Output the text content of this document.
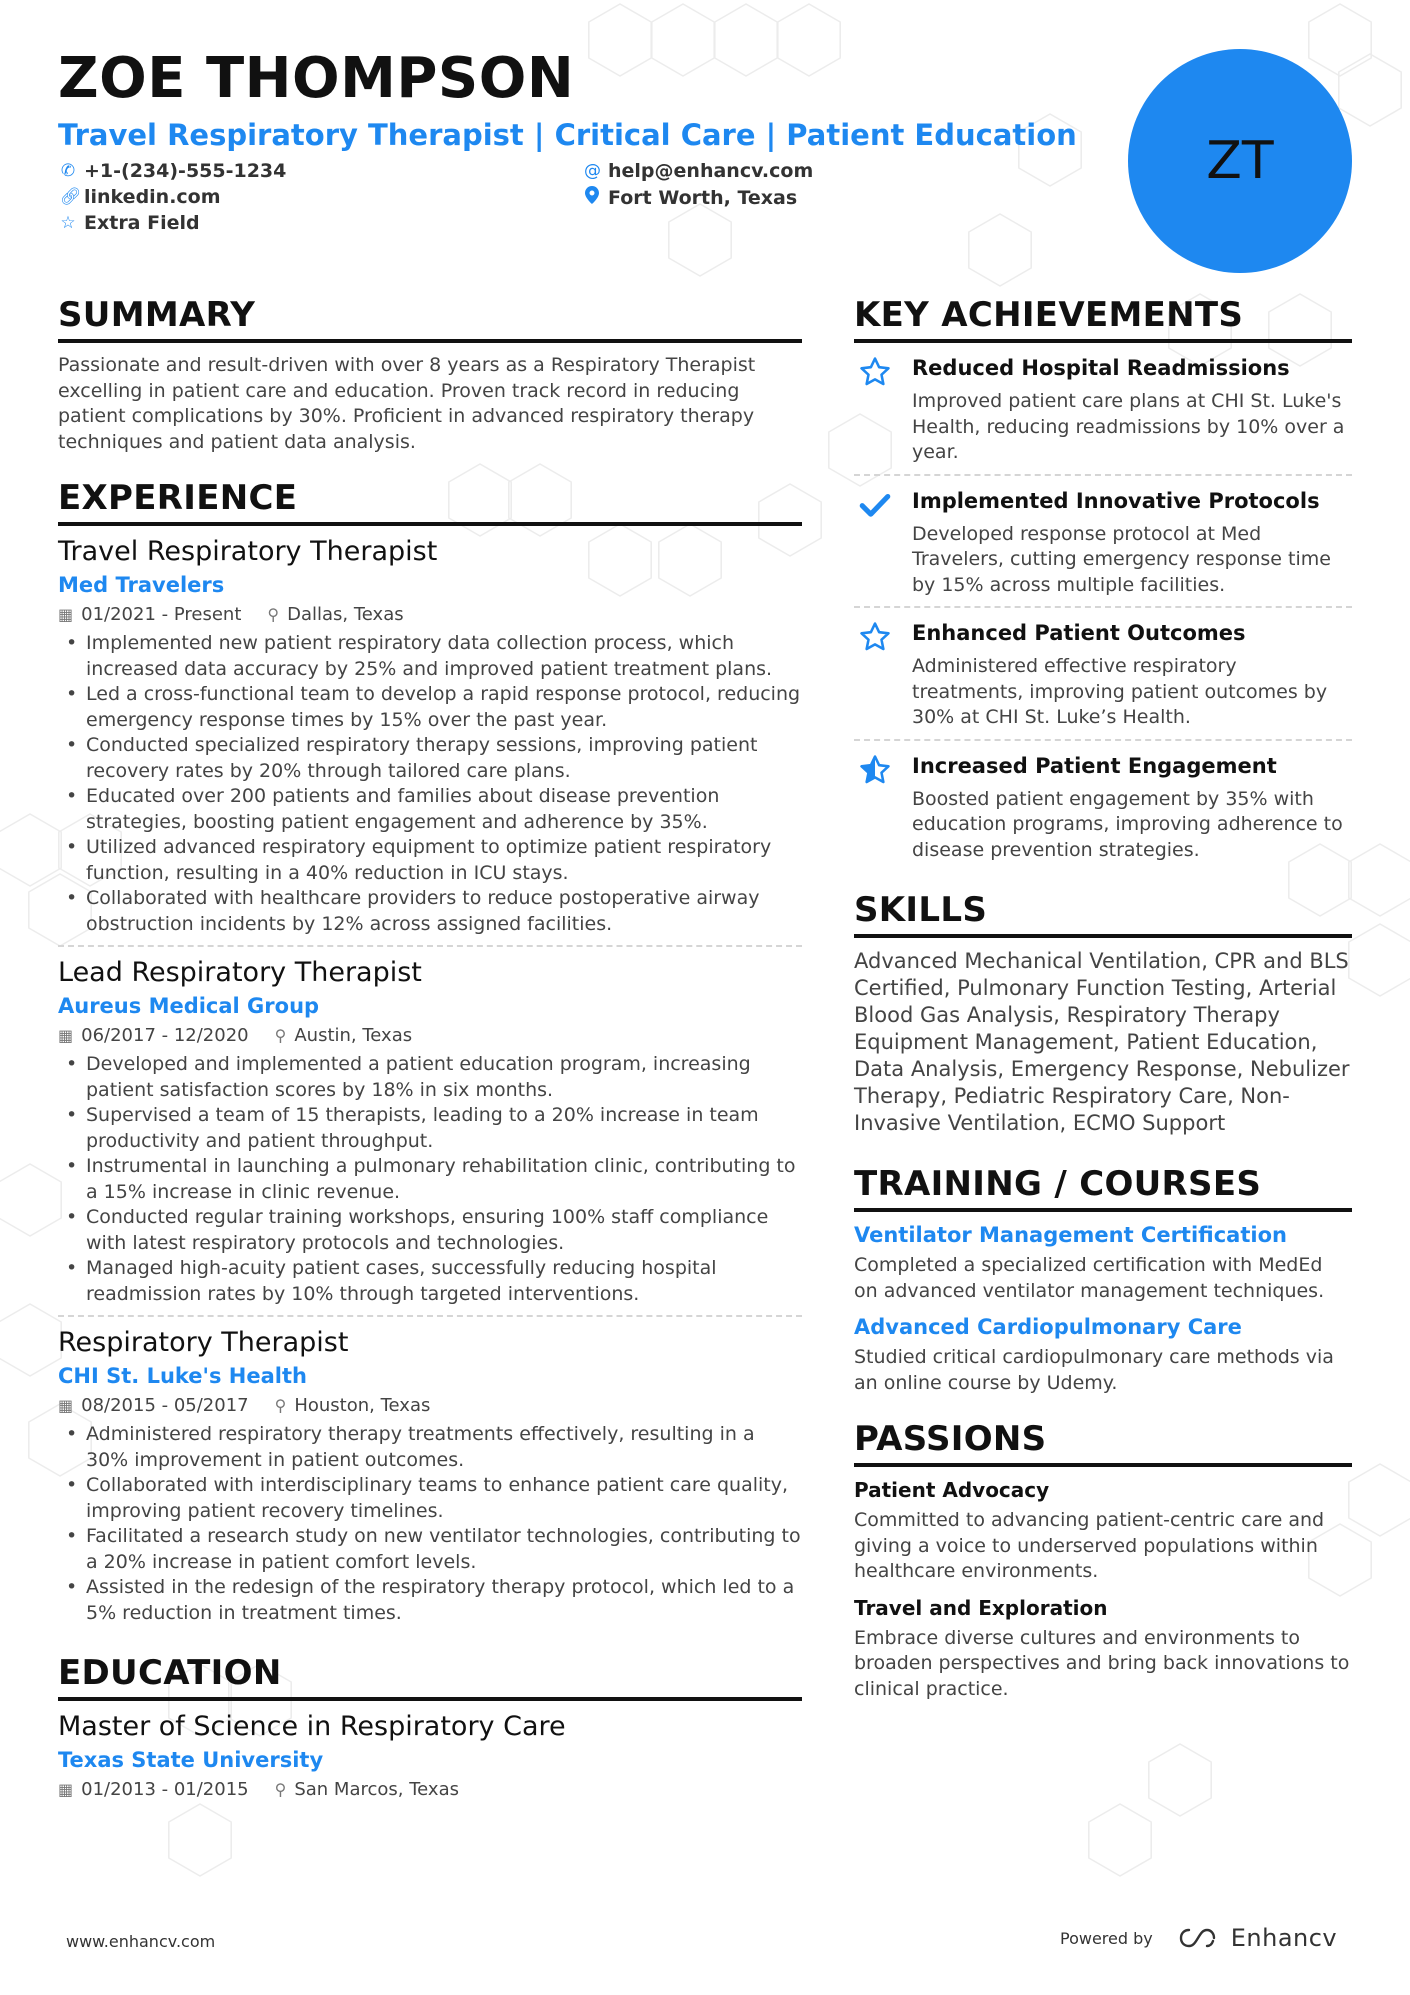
ZOE THOMPSON
Travel Respiratory Therapist | Critical Care | Patient Education
✆ +1-(234)-555-1234	@ help@enhancv.com
🔗︎ linkedin.com	Fort Worth, Texas
☆ Extra Field
ZT
SUMMARY
Passionate and result-driven with over 8 years as a Respiratory Therapist excelling in patient care and education. Proven track record in reducing patient complications by 30%. Proficient in advanced respiratory therapy techniques and patient data analysis.
EXPERIENCE
Travel Respiratory Therapist
Med Travelers
▦ 01/2021 - Present ⚲ Dallas, Texas
• Implemented new patient respiratory data collection process, which increased data accuracy by 25% and improved patient treatment plans.
• Led a cross-functional team to develop a rapid response protocol, reducing emergency response times by 15% over the past year.
• Conducted specialized respiratory therapy sessions, improving patient recovery rates by 20% through tailored care plans.
• Educated over 200 patients and families about disease prevention strategies, boosting patient engagement and adherence by 35%.
• Utilized advanced respiratory equipment to optimize patient respiratory function, resulting in a 40% reduction in ICU stays.
• Collaborated with healthcare providers to reduce postoperative airway obstruction incidents by 12% across assigned facilities.
Lead Respiratory Therapist
Aureus Medical Group
▦ 06/2017 - 12/2020 ⚲ Austin, Texas
• Developed and implemented a patient education program, increasing patient satisfaction scores by 18% in six months.
• Supervised a team of 15 therapists, leading to a 20% increase in team productivity and patient throughput.
• Instrumental in launching a pulmonary rehabilitation clinic, contributing to a 15% increase in clinic revenue.
• Conducted regular training workshops, ensuring 100% staff compliance with latest respiratory protocols and technologies.
• Managed high-acuity patient cases, successfully reducing hospital readmission rates by 10% through targeted interventions.
Respiratory Therapist
CHI St. Luke's Health
▦ 08/2015 - 05/2017 ⚲ Houston, Texas
• Administered respiratory therapy treatments effectively, resulting in a 30% improvement in patient outcomes.
• Collaborated with interdisciplinary teams to enhance patient care quality, improving patient recovery timelines.
• Facilitated a research study on new ventilator technologies, contributing to a 20% increase in patient comfort levels.
• Assisted in the redesign of the respiratory therapy protocol, which led to a 5% reduction in treatment times.
EDUCATION
Master of Science in Respiratory Care
Texas State University
▦ 01/2013 - 01/2015 ⚲ San Marcos, Texas
KEY ACHIEVEMENTS
Reduced Hospital Readmissions
Improved patient care plans at CHI St. Luke's Health, reducing readmissions by 10% over a year.
Implemented Innovative Protocols
Developed response protocol at Med Travelers, cutting emergency response time by 15% across multiple facilities.
Enhanced Patient Outcomes
Administered effective respiratory treatments, improving patient outcomes by 30% at CHI St. Luke’s Health.
Increased Patient Engagement
Boosted patient engagement by 35% with education programs, improving adherence to disease prevention strategies.
SKILLS
Advanced Mechanical Ventilation, CPR and BLS Certified, Pulmonary Function Testing, Arterial Blood Gas Analysis, Respiratory Therapy Equipment Management, Patient Education, Data Analysis, Emergency Response, Nebulizer Therapy, Pediatric Respiratory Care, Non-Invasive Ventilation, ECMO Support
TRAINING / COURSES
Ventilator Management Certification
Completed a specialized certification with MedEd on advanced ventilator management techniques.
Advanced Cardiopulmonary Care
Studied critical cardiopulmonary care methods via an online course by Udemy.
PASSIONS
Patient Advocacy
Committed to advancing patient-centric care and giving a voice to underserved populations within healthcare environments.
Travel and Exploration
Embrace diverse cultures and environments to broaden perspectives and bring back innovations to clinical practice.
www.enhancv.com	Powered by	Enhancv
